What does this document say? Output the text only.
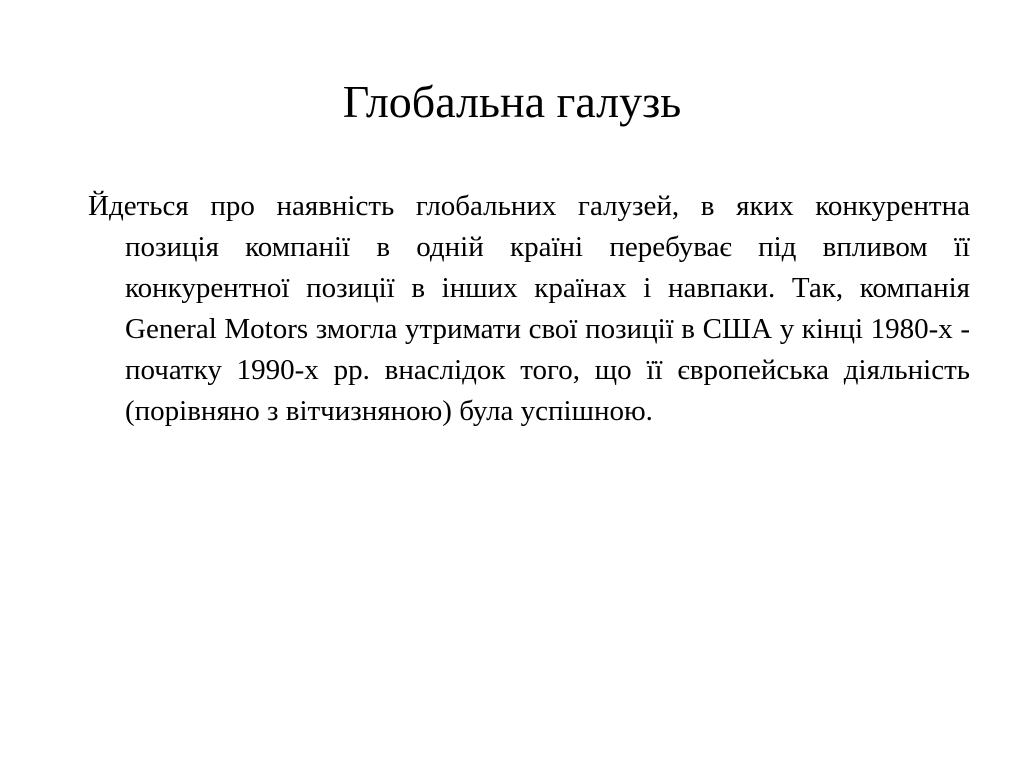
Глобальна галузь

Йдеться про наявність глобальних галузей, в яких конкурентна позиція компанії в одній країні перебуває під впливом її конкурентної позиції в інших країнах і навпаки. Так, компанія General Motors змогла утримати свої позиції в США у кінці 1980-х - початку 1990-х рр. внаслідок того, що її європейська діяльність (порівняно з вітчизняною) була успішною.
